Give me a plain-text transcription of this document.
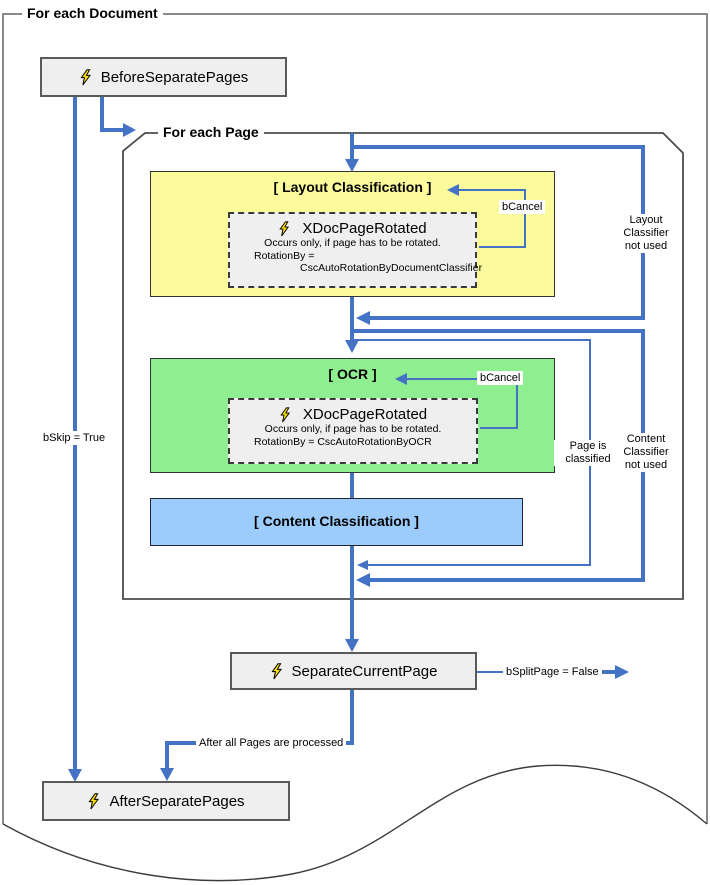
[ Layout Classification ]
[ OCR ]
[ Content Classification ]
For each Document
For each Page
BeforeSeparatePages
SeparateCurrentPage
AfterSeparatePages
XDocPageRotated
Occurs only, if page has to be rotated.
RotationBy =
CscAutoRotationByDocumentClassifier
XDocPageRotated
Occurs only, if page has to be rotated.
RotationBy = CscAutoRotationByOCR
bSkip = True
bCancel
bCancel
bSplitPage = False
After all Pages are processed
Layout
Classifier
not used
Page is
classified
Content
Classifier
not used
